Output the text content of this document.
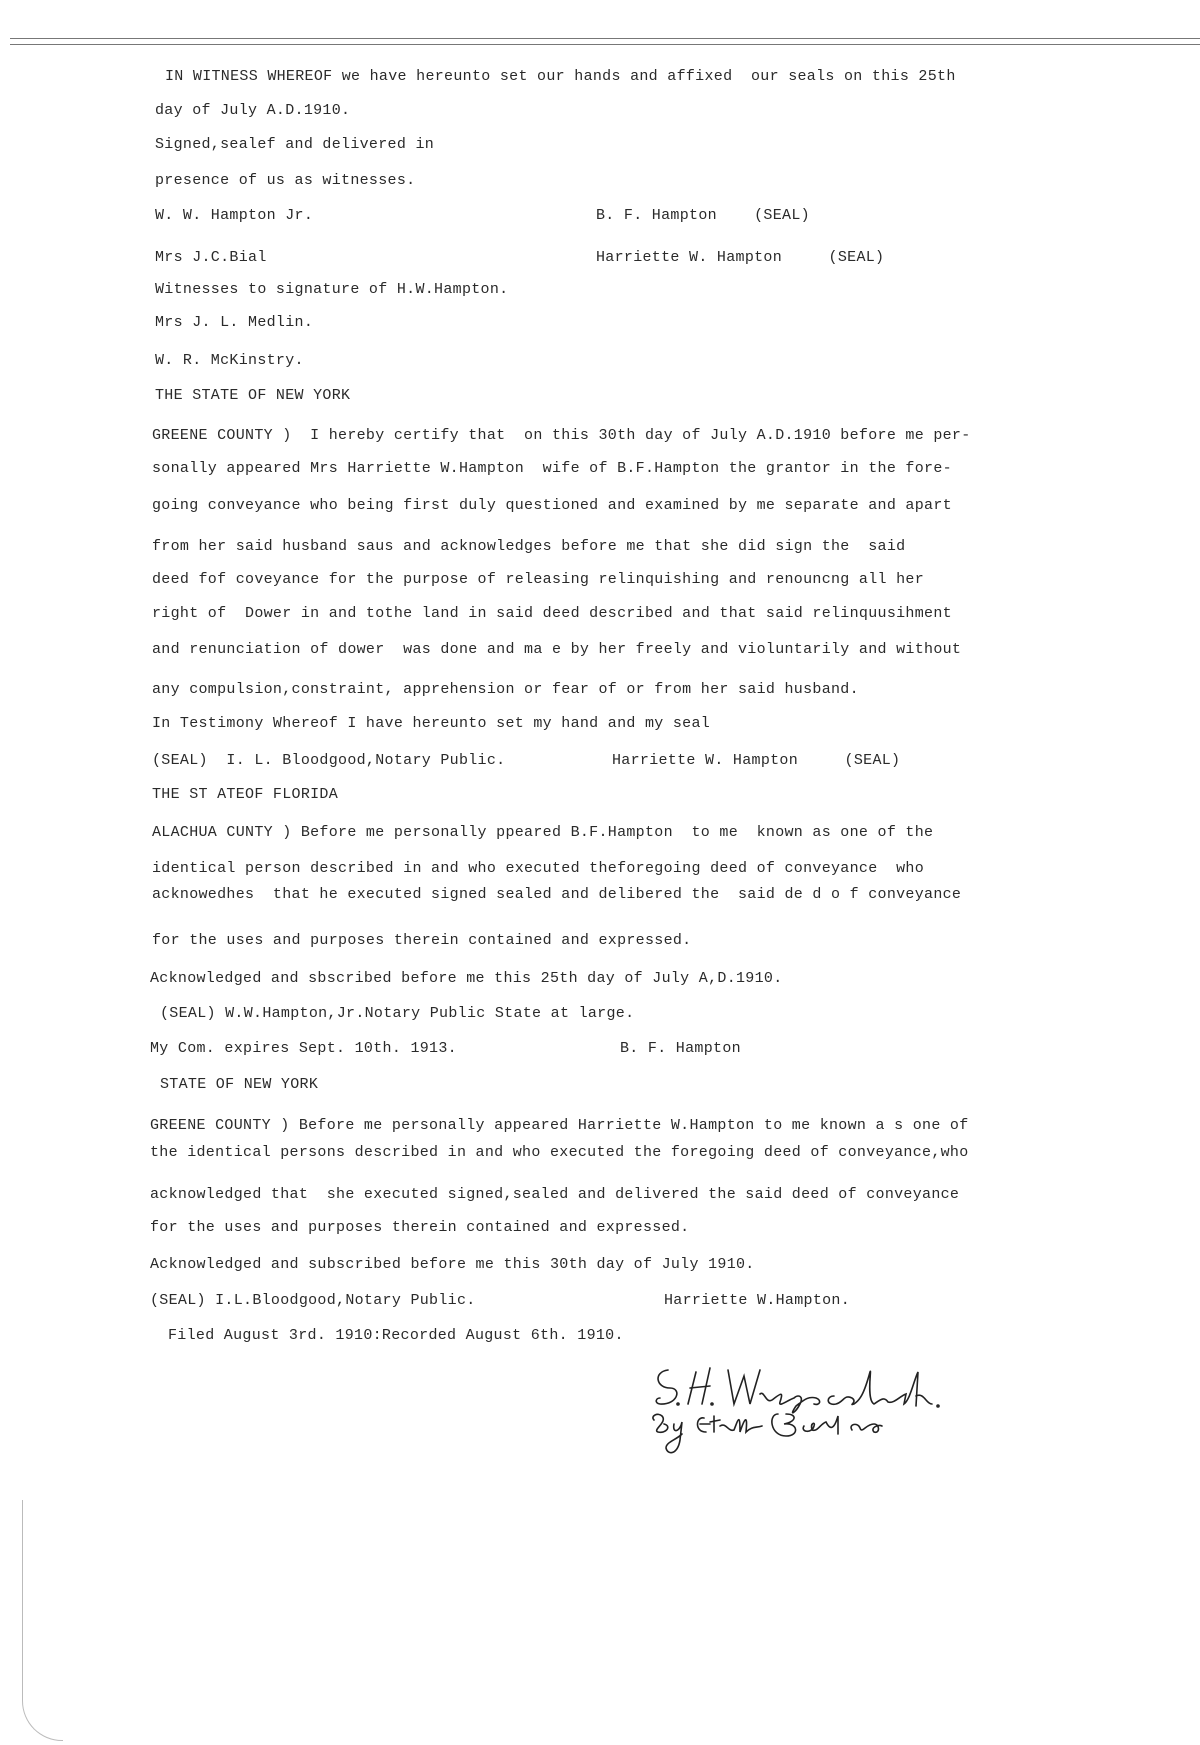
IN WITNESS WHEREOF we have hereunto set our hands and affixed  our seals on this 25th
day of July A.D.1910.
Signed,sealef and delivered in
presence of us as witnesses.
W. W. Hampton Jr.	B. F. Hampton    (SEAL)
Mrs J.C.Bial	Harriette W. Hampton     (SEAL)
Witnesses to signature of H.W.Hampton.
Mrs J. L. Medlin.
W. R. McKinstry.
THE STATE OF NEW YORK
GREENE COUNTY )  I hereby certify that  on this 30th day of July A.D.1910 before me per-
sonally appeared Mrs Harriette W.Hampton  wife of B.F.Hampton the grantor in the fore-
going conveyance who being first duly questioned and examined by me separate and apart
from her said husband saus and acknowledges before me that she did sign the  said
deed fof coveyance for the purpose of releasing relinquishing and renouncng all her
right of  Dower in and tothe land in said deed described and that said relinquusihment
and renunciation of dower  was done and ma e by her freely and violuntarily and without
any compulsion,constraint, apprehension or fear of or from her said husband.
In Testimony Whereof I have hereunto set my hand and my seal
(SEAL)  I. L. Bloodgood,Notary Public.	Harriette W. Hampton     (SEAL)
THE ST ATEOF FLORIDA
ALACHUA CUNTY ) Before me personally ppeared B.F.Hampton  to me  known as one of the
identical person described in and who executed theforegoing deed of conveyance  who
acknowedhes  that he executed signed sealed and delibered the  said de d o f conveyance
for the uses and purposes therein contained and expressed.
Acknowledged and sbscribed before me this 25th day of July A,D.1910.
(SEAL) W.W.Hampton,Jr.Notary Public State at large.
My Com. expires Sept. 10th. 1913.	B. F. Hampton
STATE OF NEW YORK
GREENE COUNTY ) Before me personally appeared Harriette W.Hampton to me known a s one of
the identical persons described in and who executed the foregoing deed of conveyance,who
acknowledged that  she executed signed,sealed and delivered the said deed of conveyance
for the uses and purposes therein contained and expressed.
Acknowledged and subscribed before me this 30th day of July 1910.
(SEAL) I.L.Bloodgood,Notary Public.	Harriette W.Hampton.
Filed August 3rd. 1910:Recorded August 6th. 1910.
